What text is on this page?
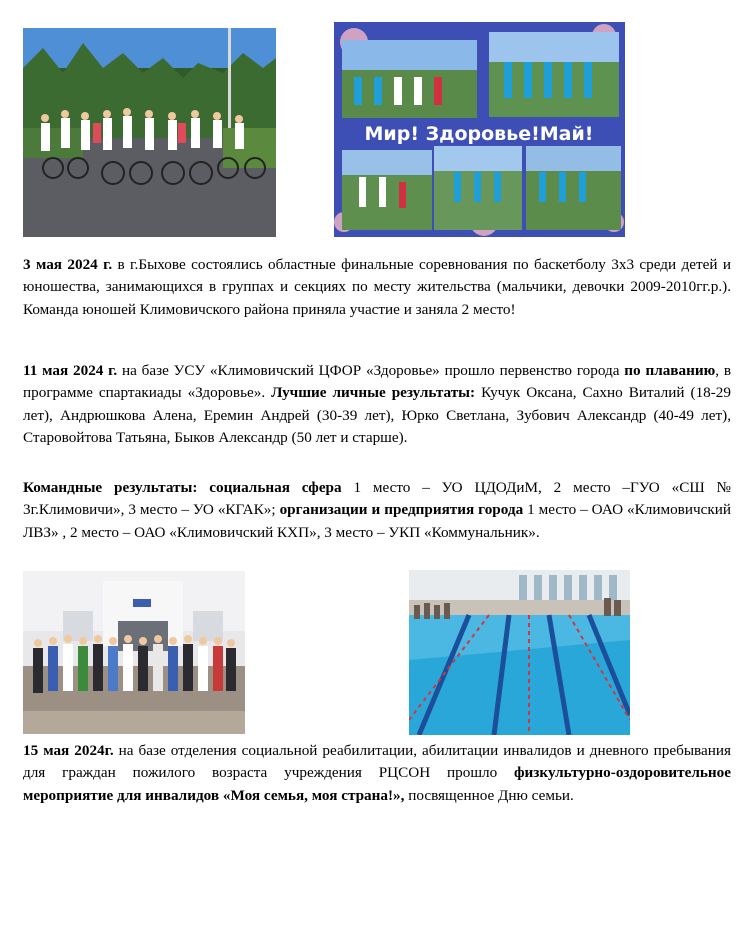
Мир! Здоровье!Май!

3 мая 2024 г. в г.Быхове состоялись областные финальные соревнования по баскетболу 3х3 среди детей и юношества, занимающихся в группах и секциях по месту жительства (мальчики, девочки 2009-2010гг.р.). Команда юношей Климовичского района приняла участие и заняла 2 место!

11 мая 2024 г. на базе УСУ «Климовичский ЦФОР «Здоровье» прошло первенство города по плаванию, в программе спартакиады «Здоровье». Лучшие личные результаты: Кучук Оксана, Сахно Виталий (18-29 лет), Андрюшкова Алена, Еремин Андрей (30-39 лет), Юрко Светлана, Зубович Александр (40-49 лет), Старовойтова Татьяна, Быков Александр (50 лет и старше).

Командные результаты: социальная сфера 1 место – УО ЦДОДиМ, 2 место –ГУО «СШ № 3г.Климовичи», 3 место – УО «КГАК»; организации и предприятия города 1 место – ОАО «Климовичский ЛВЗ» , 2 место – ОАО «Климовичский КХП», 3 место – УКП «Коммунальник».

15 мая 2024г. на базе отделения социальной реабилитации, абилитации инвалидов и дневного пребывания для граждан пожилого возраста учреждения РЦСОН прошло физкультурно-оздоровительное мероприятие для инвалидов «Моя семья, моя страна!», посвященное Дню семьи.
